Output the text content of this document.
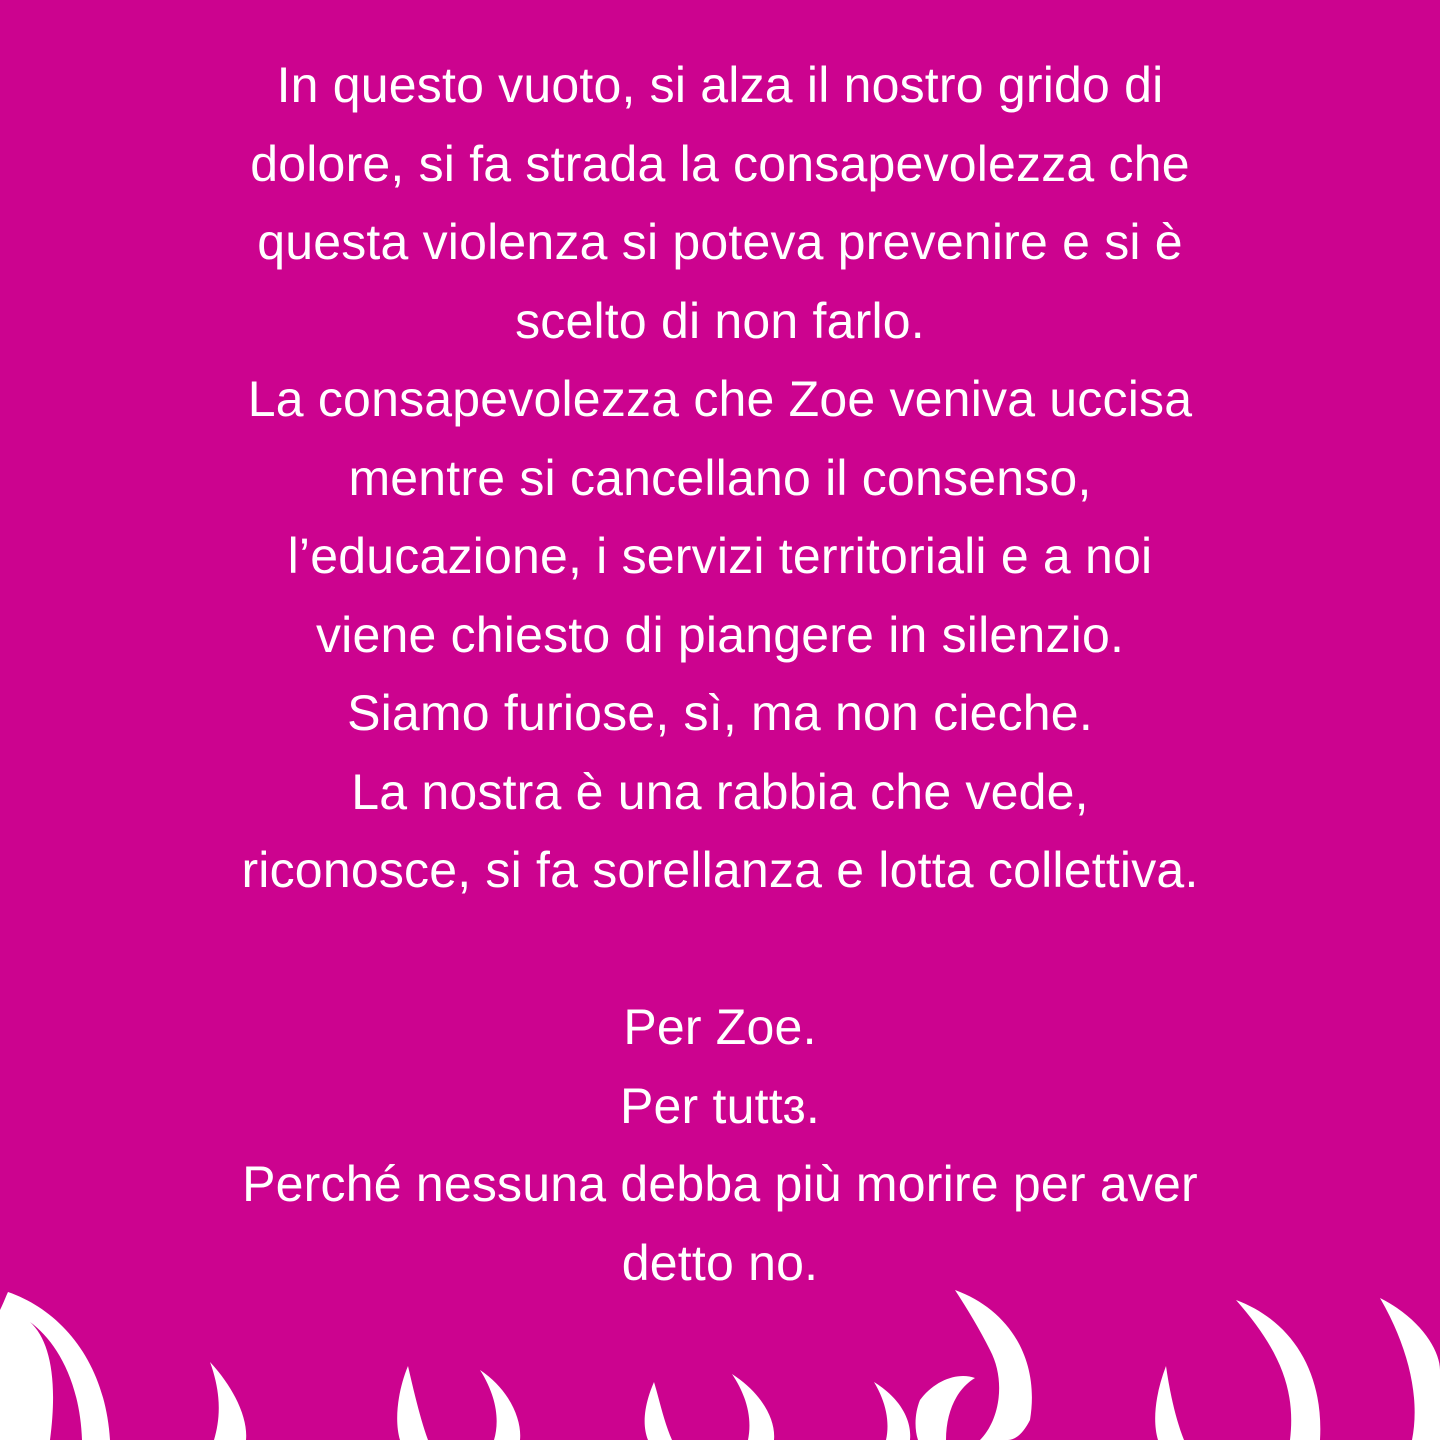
In questo vuoto, si alza il nostro grido di
dolore, si fa strada la consapevolezza che
questa violenza si poteva prevenire e si è
scelto di non farlo.
La consapevolezza che Zoe veniva uccisa
mentre si cancellano il consenso,
l’educazione, i servizi territoriali e a noi
viene chiesto di piangere in silenzio.
Siamo furiose, sì, ma non cieche.
La nostra è una rabbia che vede,
riconosce, si fa sorellanza e lotta collettiva.
Per Zoe.
Per tuttɜ.
Perché nessuna debba più morire per aver
detto no.
